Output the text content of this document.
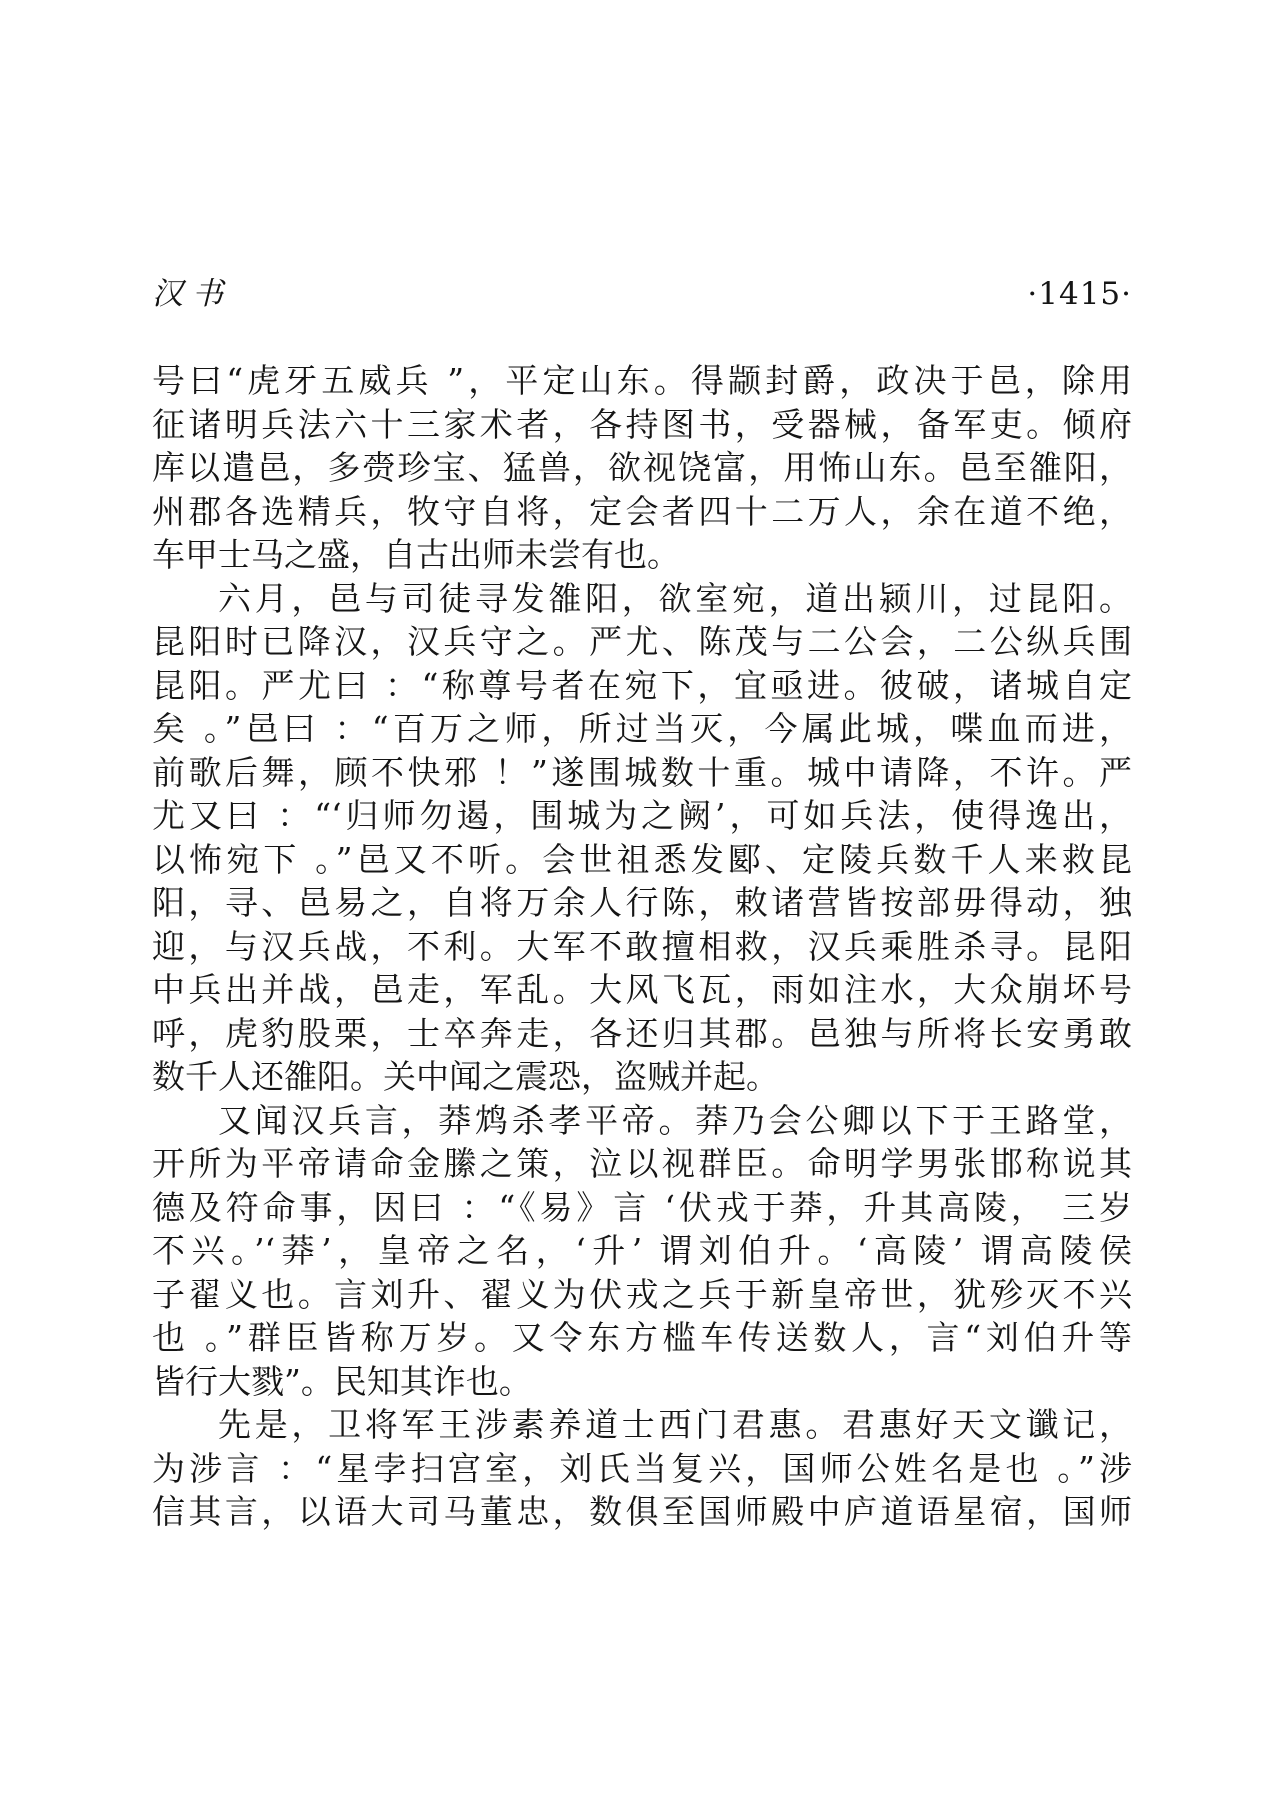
汉书	·1415·
号曰“虎牙五威兵 ”，平定山东。得颛封爵，政决于邑，除用
征诸明兵法六十三家术者，各持图书，受器械，备军吏。倾府
库以遣邑，多赍珍宝、猛兽，欲视饶富，用怖山东。邑至雒阳，
州郡各选精兵，牧守自将，定会者四十二万人，余在道不绝，
车甲士马之盛，自古出师未尝有也。
六月，邑与司徒寻发雒阳，欲室宛，道出颍川，过昆阳。
昆阳时已降汉，汉兵守之。严尤、陈茂与二公会，二公纵兵围
昆阳。严尤曰 ：“称尊号者在宛下，宜亟进。彼破，诸城自定
矣 。”邑曰 ：“百万之师，所过当灭，今属此城，喋血而进，
前歌后舞，顾不快邪 ！”遂围城数十重。城中请降，不许。严
尤又曰 ：“‘归师勿遏，围城为之阙’，可如兵法，使得逸出，
以怖宛下 。”邑又不听。会世祖悉发郾、定陵兵数千人来救昆
阳，寻、邑易之，自将万余人行陈，敕诸营皆按部毋得动，独
迎，与汉兵战，不利。大军不敢擅相救，汉兵乘胜杀寻。昆阳
中兵出并战，邑走，军乱。大风飞瓦，雨如注水，大众崩坏号
呼，虎豹股栗，士卒奔走，各还归其郡。邑独与所将长安勇敢
数千人还雒阳。关中闻之震恐，盗贼并起。
又闻汉兵言，莽鸩杀孝平帝。莽乃会公卿以下于王路堂，
开所为平帝请命金縢之策，泣以视群臣。命明学男张邯称说其
德及符命事，因曰 ：“《易》言 ‘伏戎于莽，升其高陵， 三岁
不兴。’‘莽’，皇帝之名，‘升’ 谓刘伯升。‘高陵’ 谓高陵侯
子翟义也。言刘升、翟义为伏戎之兵于新皇帝世，犹殄灭不兴
也 。”群臣皆称万岁。又令东方槛车传送数人，言“刘伯升等
皆行大戮”。民知其诈也。
先是，卫将军王涉素养道士西门君惠。君惠好天文谶记，
为涉言 ：“星孛扫宫室，刘氏当复兴，国师公姓名是也 。”涉
信其言，以语大司马董忠，数俱至国师殿中庐道语星宿，国师
